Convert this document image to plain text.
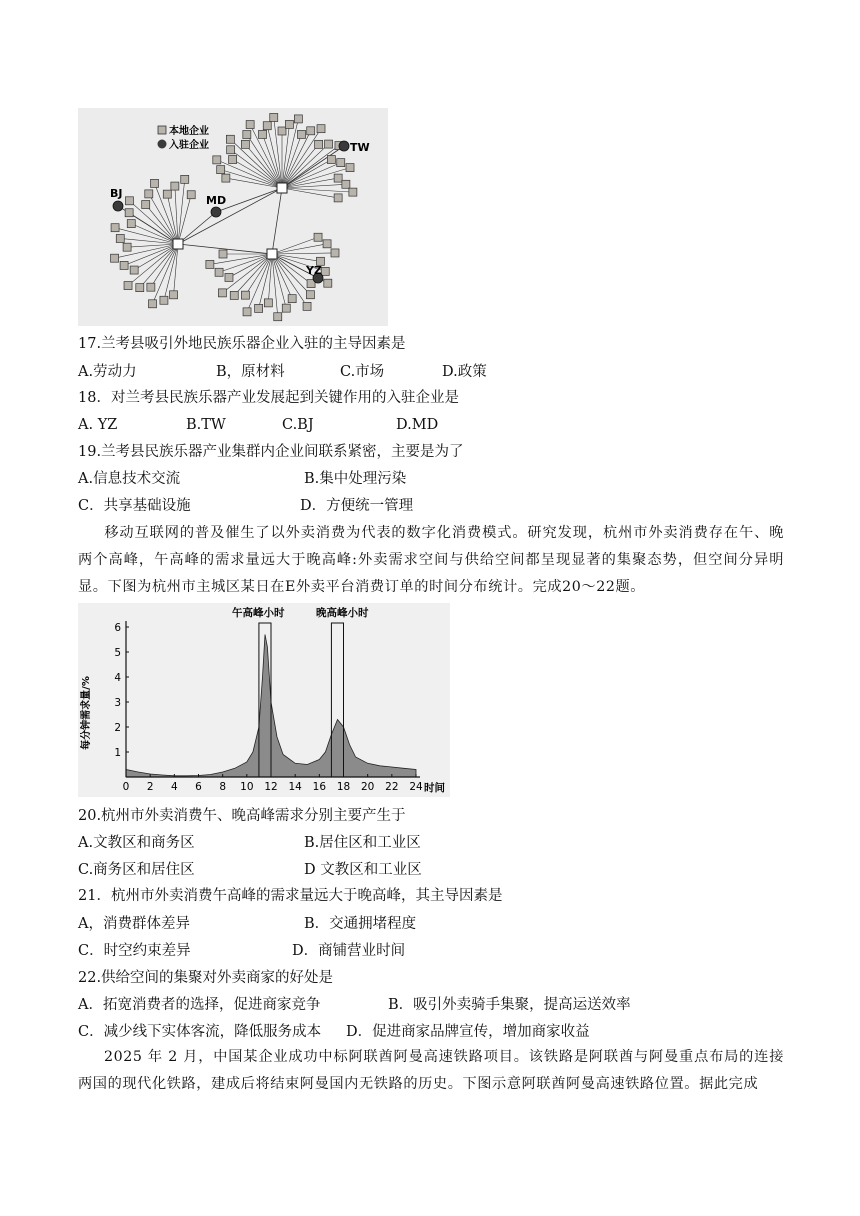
本地企业
入驻企业	TW
BJ
MD
YZ
17.兰考县吸引外地民族乐器企业入驻的主导因素是
A.劳动力	B，原材料	C.市场	D.政策
18．对兰考县民族乐器产业发展起到关键作用的入驻企业是
A. YZ	B.TW	C.BJ	D.MD
19.兰考县民族乐器产业集群内企业间联系紧密，主要是为了
A.信息技术交流	B.集中处理污染
C．共享基础设施	D．方便统一管理
移动互联网的普及催生了以外卖消费为代表的数字化消费模式。研究发现，杭州市外卖消费存在午、晚两个高峰，午高峰的需求量远大于晚高峰:外卖需求空间与供给空间都呈现显著的集聚态势，但空间分异明显。下图为杭州市主城区某日在E外卖平台消费订单的时间分布统计。完成20～22题。
0 2 4 6 8 10 12 14 16 18 20 22 24
1
2
3
4
5
6
每分钟需求量/%
时间
午高峰小时	晚高峰小时
20.杭州市外卖消费午、晚高峰需求分别主要产生于
A.文教区和商务区	B.居住区和工业区
C.商务区和居住区	D 文教区和工业区
21．杭州市外卖消费午高峰的需求量远大于晚高峰，其主导因素是
A，消费群体差异	B．交通拥堵程度
C．时空约束差异	D．商铺营业时间
22.供给空间的集聚对外卖商家的好处是
A．拓宽消费者的选择，促进商家竞争	B．吸引外卖骑手集聚，提高运送效率
C．减少线下实体客流，降低服务成本 D．促进商家品牌宣传，增加商家收益
2025 年 2 月，中国某企业成功中标阿联酋阿曼高速铁路项目。该铁路是阿联酋与阿曼重点布局的连接两国的现代化铁路，建成后将结束阿曼国内无铁路的历史。下图示意阿联酋阿曼高速铁路位置。据此完成
